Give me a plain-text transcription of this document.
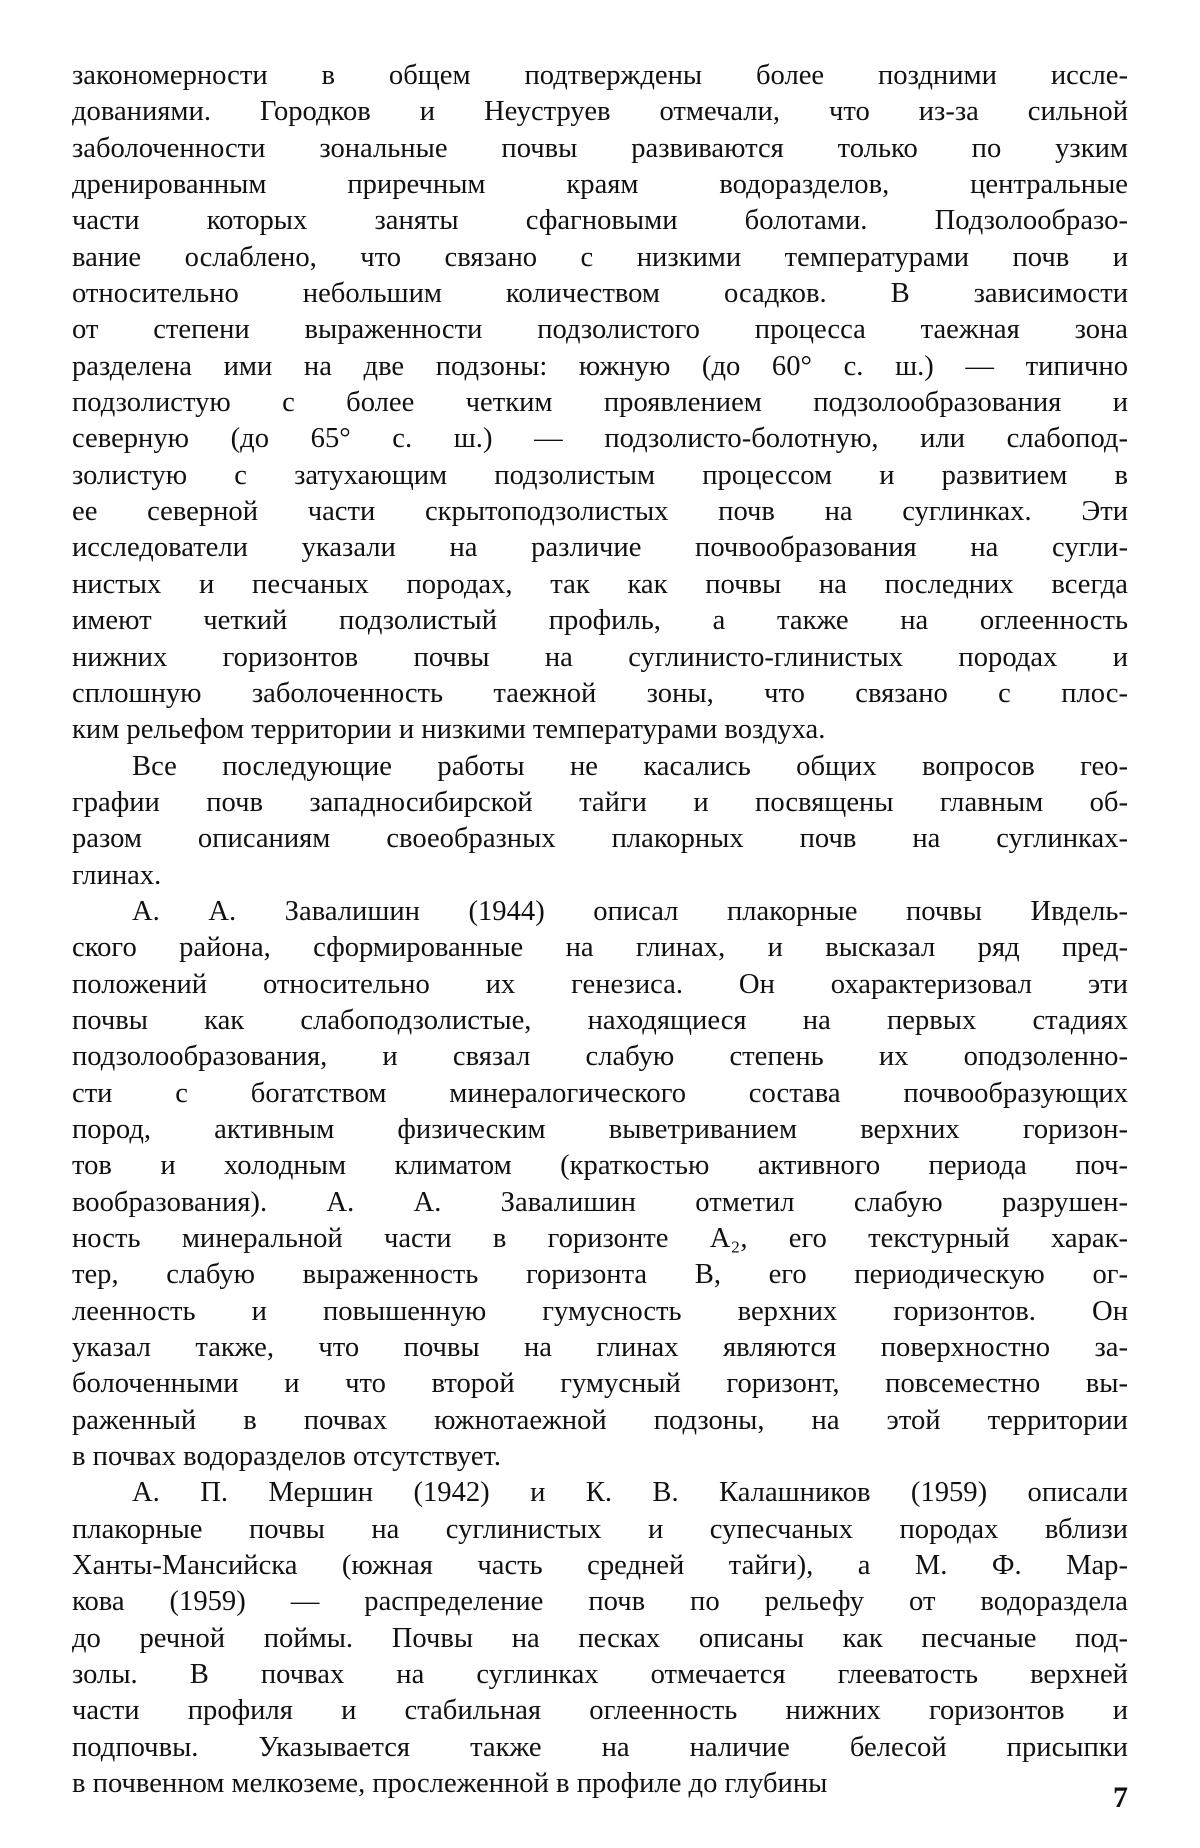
закономерности в общем подтверждены более поздними иссле-
дованиями. Городков и Неуструев отмечали, что из-за сильной
заболоченности зональные почвы развиваются только по узким
дренированным приречным краям водоразделов, центральные
части которых заняты сфагновыми болотами. Подзолообразо-
вание ослаблено, что связано с низкими температурами почв и
относительно небольшим количеством осадков. В зависимости
от степени выраженности подзолистого процесса таежная зона
разделена ими на две подзоны: южную (до 60° с. ш.) — типично
подзолистую с более четким проявлением подзолообразования и
северную (до 65° с. ш.) — подзолисто-болотную, или слабопод-
золистую с затухающим подзолистым процессом и развитием в
ее северной части скрытоподзолистых почв на суглинках. Эти
исследователи указали на различие почвообразования на сугли-
нистых и песчаных породах, так как почвы на последних всегда
имеют четкий подзолистый профиль, а также на оглеенность
нижних горизонтов почвы на суглинисто-глинистых породах и
сплошную заболоченность таежной зоны, что связано с плос-
ким рельефом территории и низкими температурами воздуха.

Все последующие работы не касались общих вопросов гео-
графии почв западносибирской тайги и посвящены главным об-
разом описаниям своеобразных плакорных почв на суглинках-
глинах.

А. А. Завалишин (1944) описал плакорные почвы Ивдель-
ского района, сформированные на глинах, и высказал ряд пред-
положений относительно их генезиса. Он охарактеризовал эти
почвы как слабоподзолистые, находящиеся на первых стадиях
подзолообразования, и связал слабую степень их оподзоленно-
сти с богатством минералогического состава почвообразующих
пород, активным физическим выветриванием верхних горизон-
тов и холодным климатом (краткостью активного периода поч-
вообразования). А. А. Завалишин отметил слабую разрушен-
ность минеральной части в горизонте A₂, его текстурный харак-
тер, слабую выраженность горизонта B, его периодическую ог-
леенность и повышенную гумусность верхних горизонтов. Он
указал также, что почвы на глинах являются поверхностно за-
болоченными и что второй гумусный горизонт, повсеместно вы-
раженный в почвах южнотаежной подзоны, на этой территории
в почвах водоразделов отсутствует.

А. П. Мершин (1942) и К. В. Калашников (1959) описали
плакорные почвы на суглинистых и супесчаных породах вблизи
Ханты-Мансийска (южная часть средней тайги), а М. Ф. Мар-
кова (1959) — распределение почв по рельефу от водораздела
до речной поймы. Почвы на песках описаны как песчаные под-
золы. В почвах на суглинках отмечается глееватость верхней
части профиля и стабильная оглеенность нижних горизонтов и
подпочвы. Указывается также на наличие белесой присыпки
в почвенном мелкоземе, прослеженной в профиле до глубины	7
